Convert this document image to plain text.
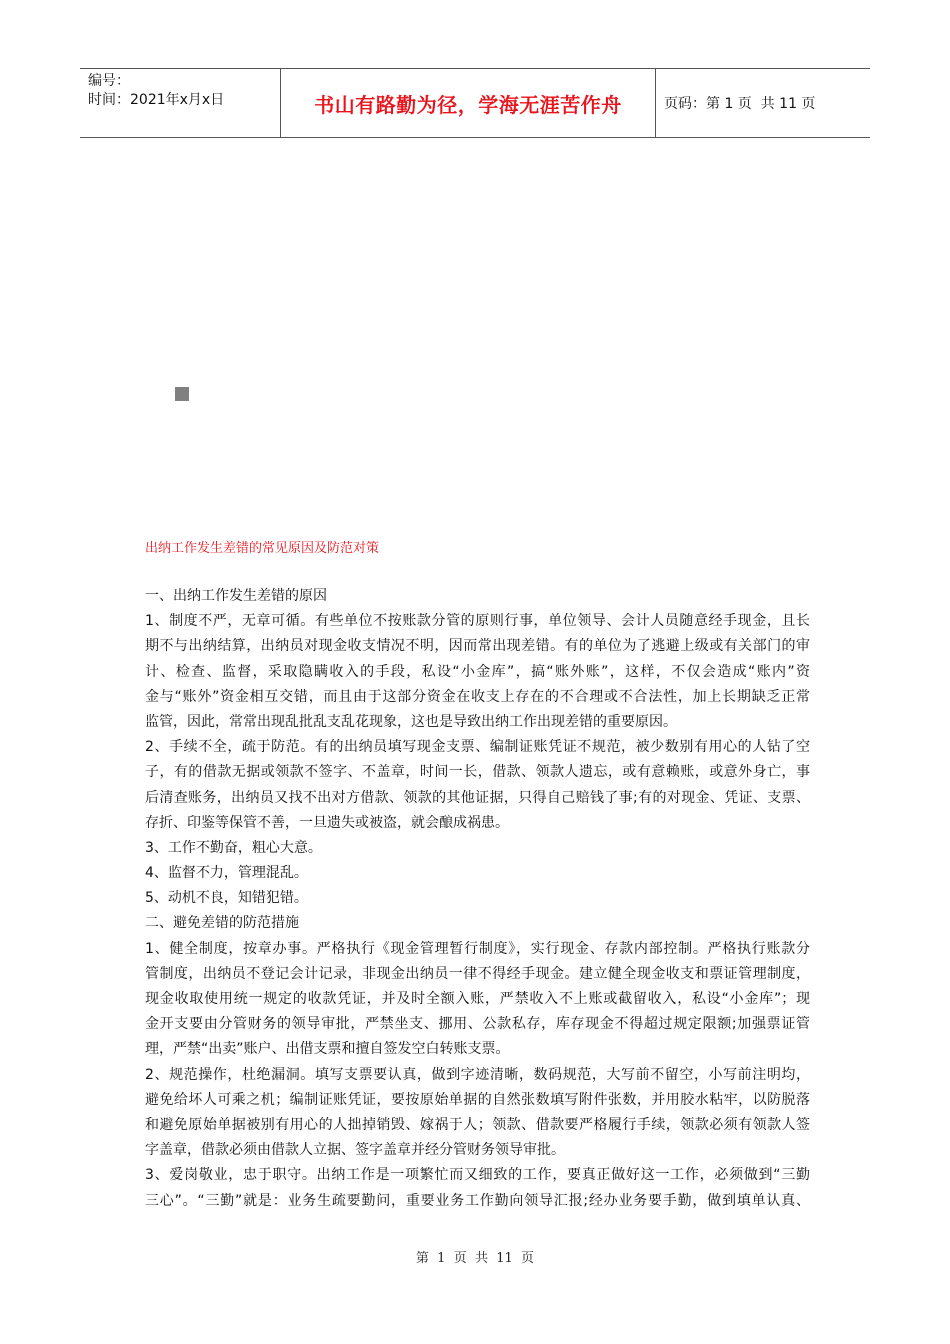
编号：
时间：2021年x月x日	书山有路勤为径，学海无涯苦作舟	页码：第 1 页  共 11 页
出纳工作发生差错的常见原因及防范对策
一、出纳工作发生差错的原因
1、制度不严，无章可循。有些单位不按账款分管的原则行事，单位领导、会计人员随意经手现金，且长
期不与出纳结算，出纳员对现金收支情况不明，因而常出现差错。有的单位为了逃避上级或有关部门的审
计、检查、监督，采取隐瞒收入的手段，私设“小金库”，搞“账外账”，这样，不仅会造成“账内”资
金与“账外”资金相互交错，而且由于这部分资金在收支上存在的不合理或不合法性，加上长期缺乏正常
监管，因此，常常出现乱批乱支乱花现象，这也是导致出纳工作出现差错的重要原因。
2、手续不全，疏于防范。有的出纳员填写现金支票、编制证账凭证不规范，被少数别有用心的人钻了空
子，有的借款无据或领款不签字、不盖章，时间一长，借款、领款人遗忘，或有意赖账，或意外身亡，事
后清查账务，出纳员又找不出对方借款、领款的其他证据，只得自己赔钱了事;有的对现金、凭证、支票、
存折、印鉴等保管不善，一旦遗失或被盗，就会酿成祸患。
3、工作不勤奋，粗心大意。
4、监督不力，管理混乱。
5、动机不良，知错犯错。
二、避免差错的防范措施
1、健全制度，按章办事。严格执行《现金管理暂行制度》，实行现金、存款内部控制。严格执行账款分
管制度，出纳员不登记会计记录，非现金出纳员一律不得经手现金。建立健全现金收支和票证管理制度，
现金收取使用统一规定的收款凭证，并及时全额入账，严禁收入不上账或截留收入，私设“小金库”；现
金开支要由分管财务的领导审批，严禁坐支、挪用、公款私存，库存现金不得超过规定限额;加强票证管
理，严禁“出卖”账户、出借支票和擅自签发空白转账支票。
2、规范操作，杜绝漏洞。填写支票要认真，做到字迹清晰，数码规范，大写前不留空，小写前注明均，
避免给坏人可乘之机；编制证账凭证，要按原始单据的自然张数填写附件张数，并用胶水粘牢，以防脱落
和避免原始单据被别有用心的人拙掉销毁、嫁祸于人；领款、借款要严格履行手续，领款必须有领款人签
字盖章，借款必须由借款人立据、签字盖章并经分管财务领导审批。
3、爱岗敬业，忠于职守。出纳工作是一项繁忙而又细致的工作，要真正做好这一工作，必须做到“三勤
三心”。“三勤”就是：业务生疏要勤问，重要业务工作勤向领导汇报;经办业务要手勤，做到填单认真、
第  1  页  共  11  页
